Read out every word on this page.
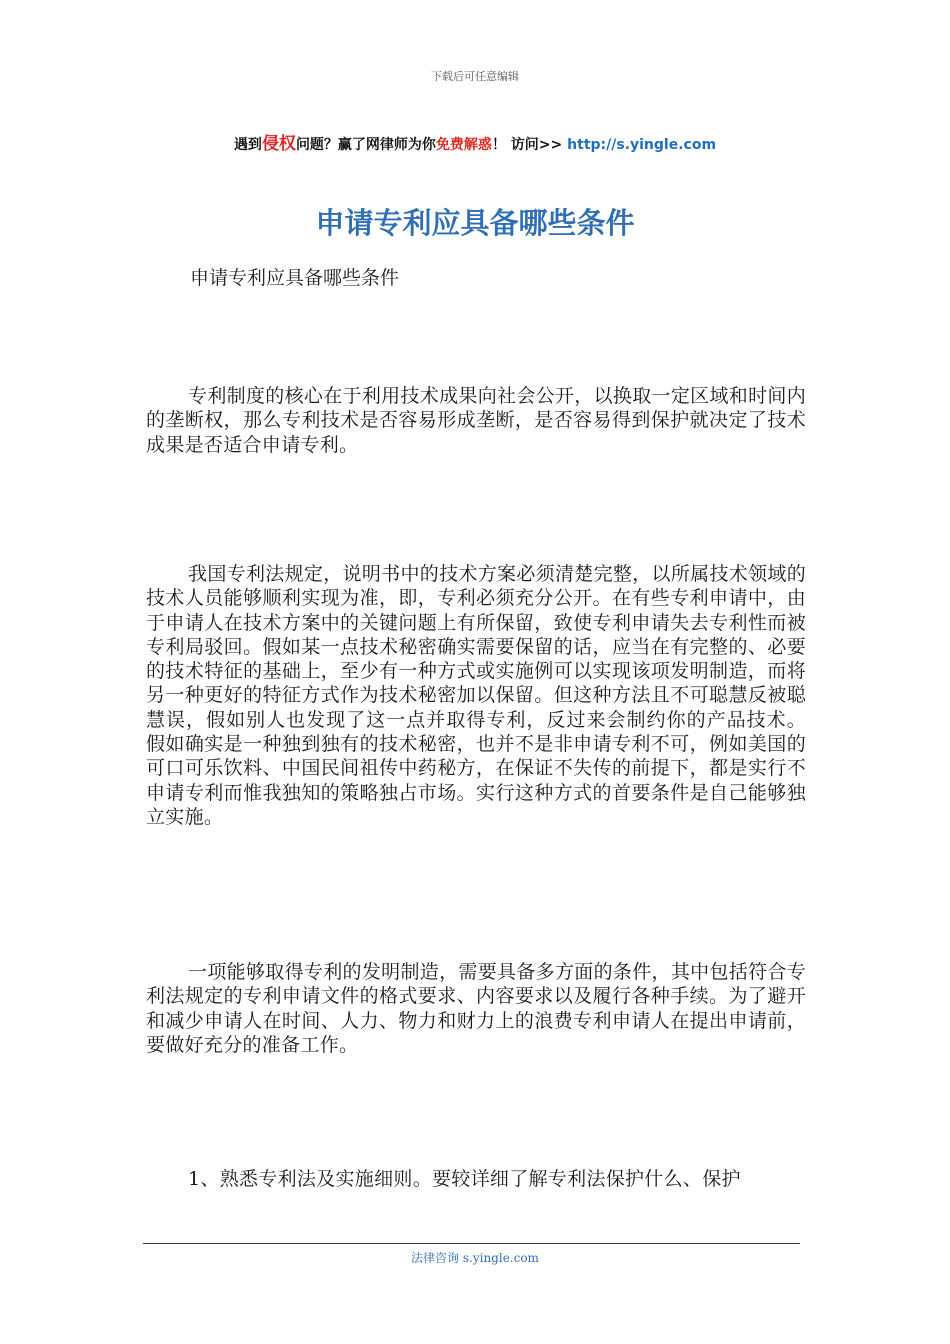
下载后可任意编辑
遇到侵权问题？赢了网律师为你免费解惑！ 访问>> http://s.yingle.com
申请专利应具备哪些条件
申请专利应具备哪些条件

专利制度的核心在于利用技术成果向社会公开，以换取一定区域和时间内的垄断权，那么专利技术是否容易形成垄断，是否容易得到保护就决定了技术成果是否适合申请专利。

我国专利法规定，说明书中的技术方案必须清楚完整，以所属技术领域的技术人员能够顺利实现为准，即，专利必须充分公开。在有些专利申请中，由于申请人在技术方案中的关键问题上有所保留，致使专利申请失去专利性而被专利局驳回。假如某一点技术秘密确实需要保留的话，应当在有完整的、必要的技术特征的基础上，至少有一种方式或实施例可以实现该项发明制造，而将另一种更好的特征方式作为技术秘密加以保留。但这种方法且不可聪慧反被聪慧误，假如别人也发现了这一点并取得专利，反过来会制约你的产品技术。 假如确实是一种独到独有的技术秘密，也并不是非申请专利不可，例如美国的可口可乐饮料、中国民间祖传中药秘方，在保证不失传的前提下，都是实行不申请专利而惟我独知的策略独占市场。实行这种方式的首要条件是自己能够独立实施。

一项能够取得专利的发明制造，需要具备多方面的条件，其中包括符合专利法规定的专利申请文件的格式要求、内容要求以及履行各种手续。为了避开和减少申请人在时间、人力、物力和财力上的浪费专利申请人在提出申请前，要做好充分的准备工作。

1、熟悉专利法及实施细则。要较详细了解专利法保护什么、保护

法律咨询 s.yingle.com
